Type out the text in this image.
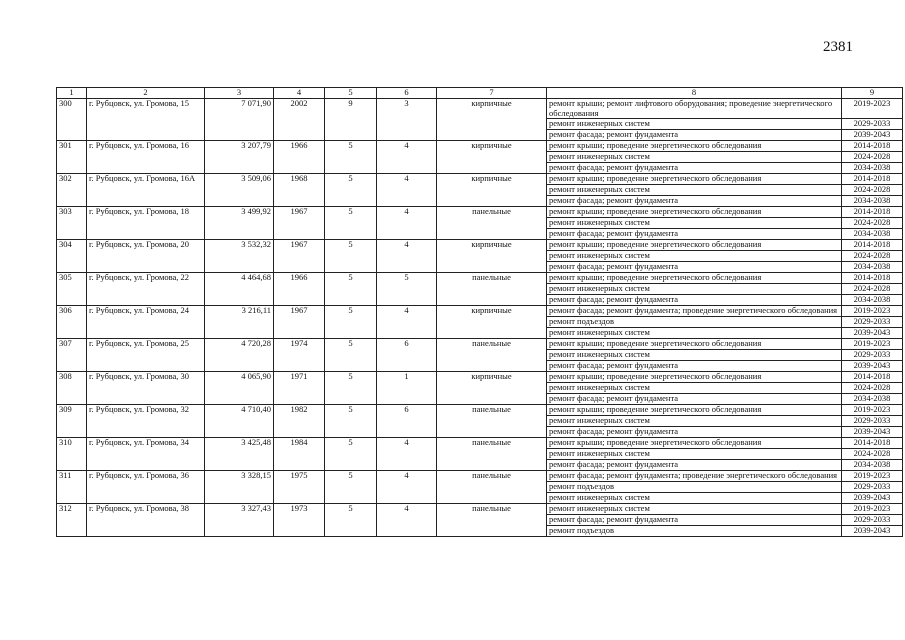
2381
1	2	3	4	5	6	7	8	9
300	г. Рубцовск, ул. Громова, 15	7 071,90	2002	9	3	кирпичные	ремонт крыши; ремонт лифтового оборудования; проведение энергетического обследования	2019-2023
							ремонт инженерных систем	2029-2033
							ремонт фасада; ремонт фундамента	2039-2043
301	г. Рубцовск, ул. Громова, 16	3 207,79	1966	5	4	кирпичные	ремонт крыши; проведение энергетического обследования	2014-2018
							ремонт инженерных систем	2024-2028
							ремонт фасада; ремонт фундамента	2034-2038
302	г. Рубцовск, ул. Громова, 16А	3 509,06	1968	5	4	кирпичные	ремонт крыши; проведение энергетического обследования	2014-2018
							ремонт инженерных систем	2024-2028
							ремонт фасада; ремонт фундамента	2034-2038
303	г. Рубцовск, ул. Громова, 18	3 499,92	1967	5	4	панельные	ремонт крыши; проведение энергетического обследования	2014-2018
							ремонт инженерных систем	2024-2028
							ремонт фасада; ремонт фундамента	2034-2038
304	г. Рубцовск, ул. Громова, 20	3 532,32	1967	5	4	кирпичные	ремонт крыши; проведение энергетического обследования	2014-2018
							ремонт инженерных систем	2024-2028
							ремонт фасада; ремонт фундамента	2034-2038
305	г. Рубцовск, ул. Громова, 22	4 464,68	1966	5	5	панельные	ремонт крыши; проведение энергетического обследования	2014-2018
							ремонт инженерных систем	2024-2028
							ремонт фасада; ремонт фундамента	2034-2038
306	г. Рубцовск, ул. Громова, 24	3 216,11	1967	5	4	кирпичные	ремонт фасада; ремонт фундамента; проведение энергетического обследования	2019-2023
							ремонт подъездов	2029-2033
							ремонт инженерных систем	2039-2043
307	г. Рубцовск, ул. Громова, 25	4 720,28	1974	5	6	панельные	ремонт крыши; проведение энергетического обследования	2019-2023
							ремонт инженерных систем	2029-2033
							ремонт фасада; ремонт фундамента	2039-2043
308	г. Рубцовск, ул. Громова, 30	4 065,90	1971	5	1	кирпичные	ремонт крыши; проведение энергетического обследования	2014-2018
							ремонт инженерных систем	2024-2028
							ремонт фасада; ремонт фундамента	2034-2038
309	г. Рубцовск, ул. Громова, 32	4 710,40	1982	5	6	панельные	ремонт крыши; проведение энергетического обследования	2019-2023
							ремонт инженерных систем	2029-2033
							ремонт фасада; ремонт фундамента	2039-2043
310	г. Рубцовск, ул. Громова, 34	3 425,48	1984	5	4	панельные	ремонт крыши; проведение энергетического обследования	2014-2018
							ремонт инженерных систем	2024-2028
							ремонт фасада; ремонт фундамента	2034-2038
311	г. Рубцовск, ул. Громова, 36	3 328,15	1975	5	4	панельные	ремонт фасада; ремонт фундамента; проведение энергетического обследования	2019-2023
							ремонт подъездов	2029-2033
							ремонт инженерных систем	2039-2043
312	г. Рубцовск, ул. Громова, 38	3 327,43	1973	5	4	панельные	ремонт инженерных систем	2019-2023
							ремонт фасада; ремонт фундамента	2029-2033
							ремонт подъездов	2039-2043
